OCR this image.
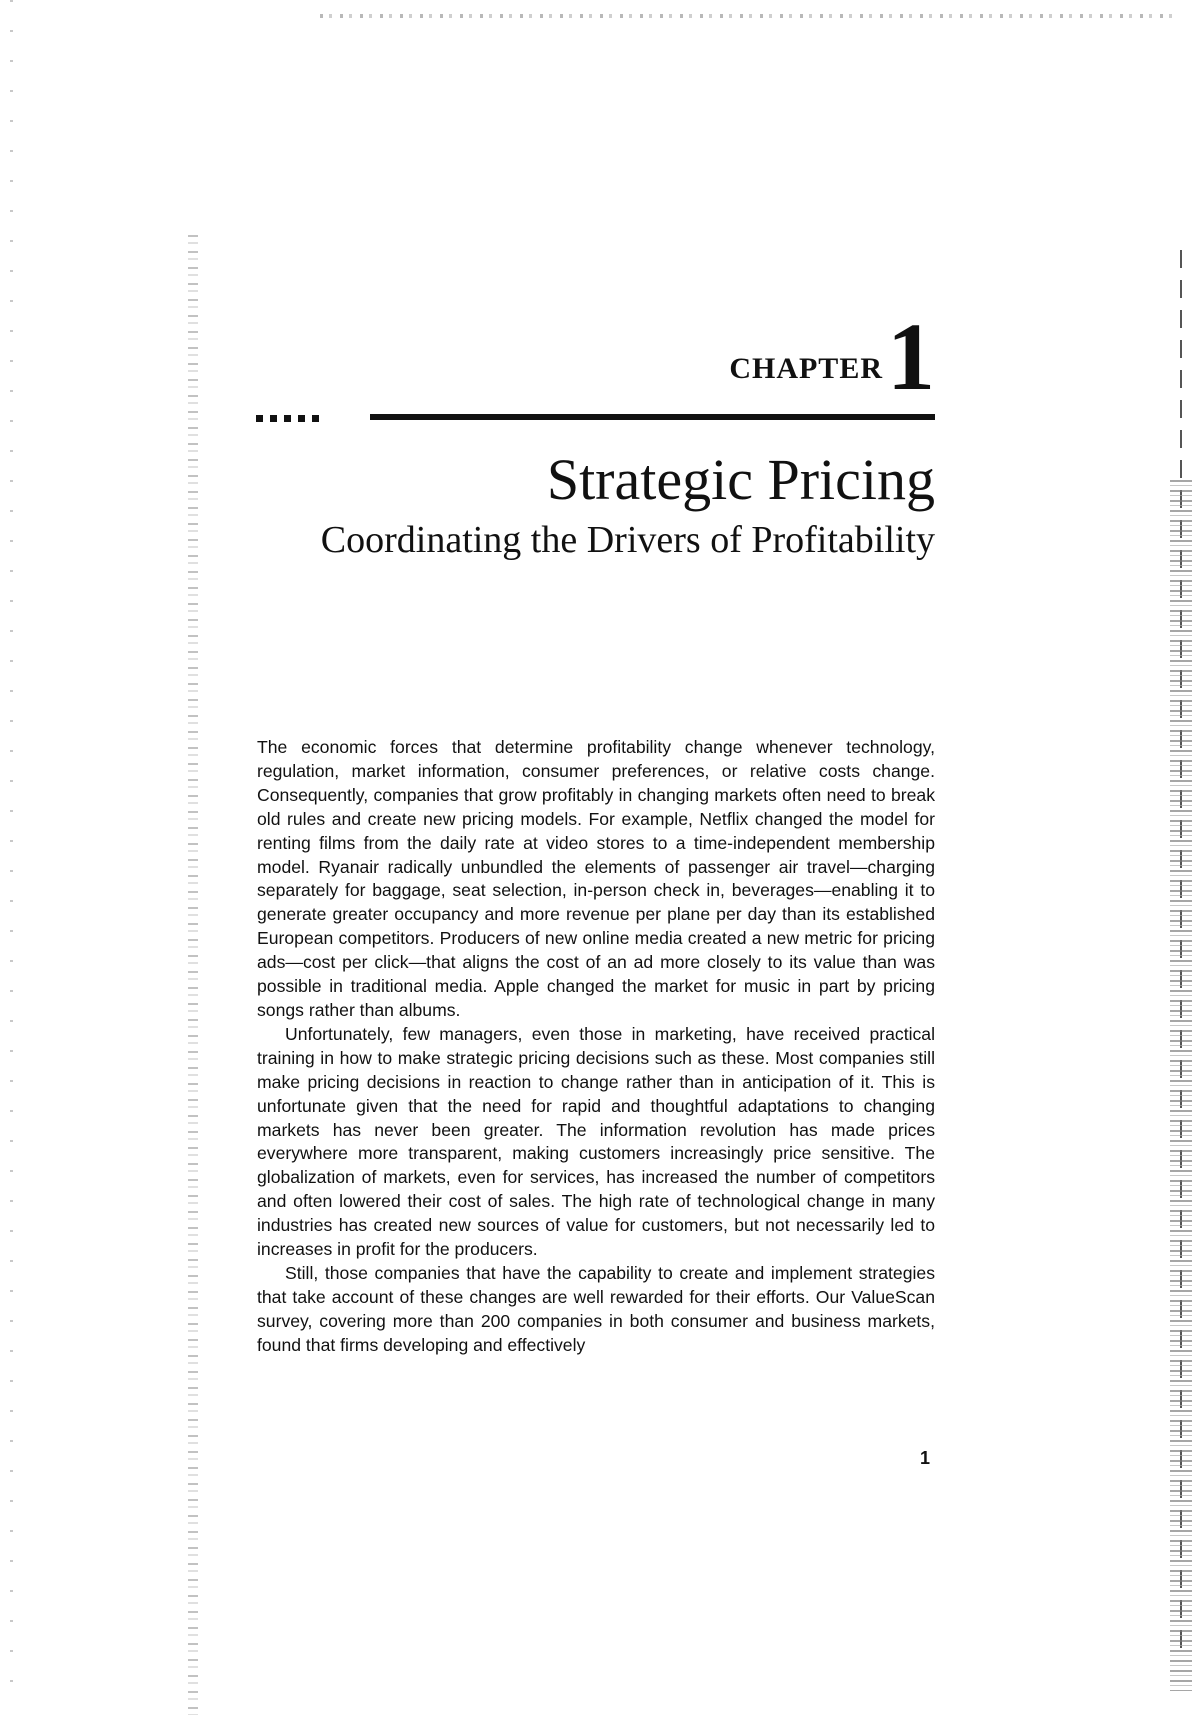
CHAPTER 1
Strategic Pricing
Coordinating the Drivers of Profitability

The economic forces that determine profitability change whenever technology, regulation, market information, consumer preferences, or relative costs change. Consequently, companies that grow profitably in changing markets often need to break old rules and create new pricing models. For example, Netflix changed the model for renting films from the daily rate at video stores to a time-independent membership model. Ryanair radically unbundled the elements of passenger air travel—charging separately for baggage, seat selection, in-person check in, beverages—enabling it to generate greater occupancy and more revenue per plane per day than its established European competitors. Producers of new online media created a new metric for pricing ads—cost per click—that aligns the cost of an ad more closely to its value than was possible in traditional media. Apple changed the market for music in part by pricing songs rather than albums.

Unfortunately, few managers, even those in marketing, have received practical training in how to make strategic pricing decisions such as these. Most companies still make pricing decisions in reaction to change rather than in anticipation of it. This is unfortunate given that the need for rapid and thoughtful adaptations to changing markets has never been greater. The information revolution has made prices everywhere more transparent, making customers increasingly price sensitive. The globalization of markets, even for services, has increased the number of competitors and often lowered their cost of sales. The high rate of technological change in many industries has created new sources of value for customers, but not necessarily led to increases in profit for the producers.

Still, those companies that have the capability to create and implement strategies that take account of these changes are well rewarded for their efforts. Our ValueScan survey, covering more than 200 companies in both consumer and business markets, found that firms developing and effectively

1
